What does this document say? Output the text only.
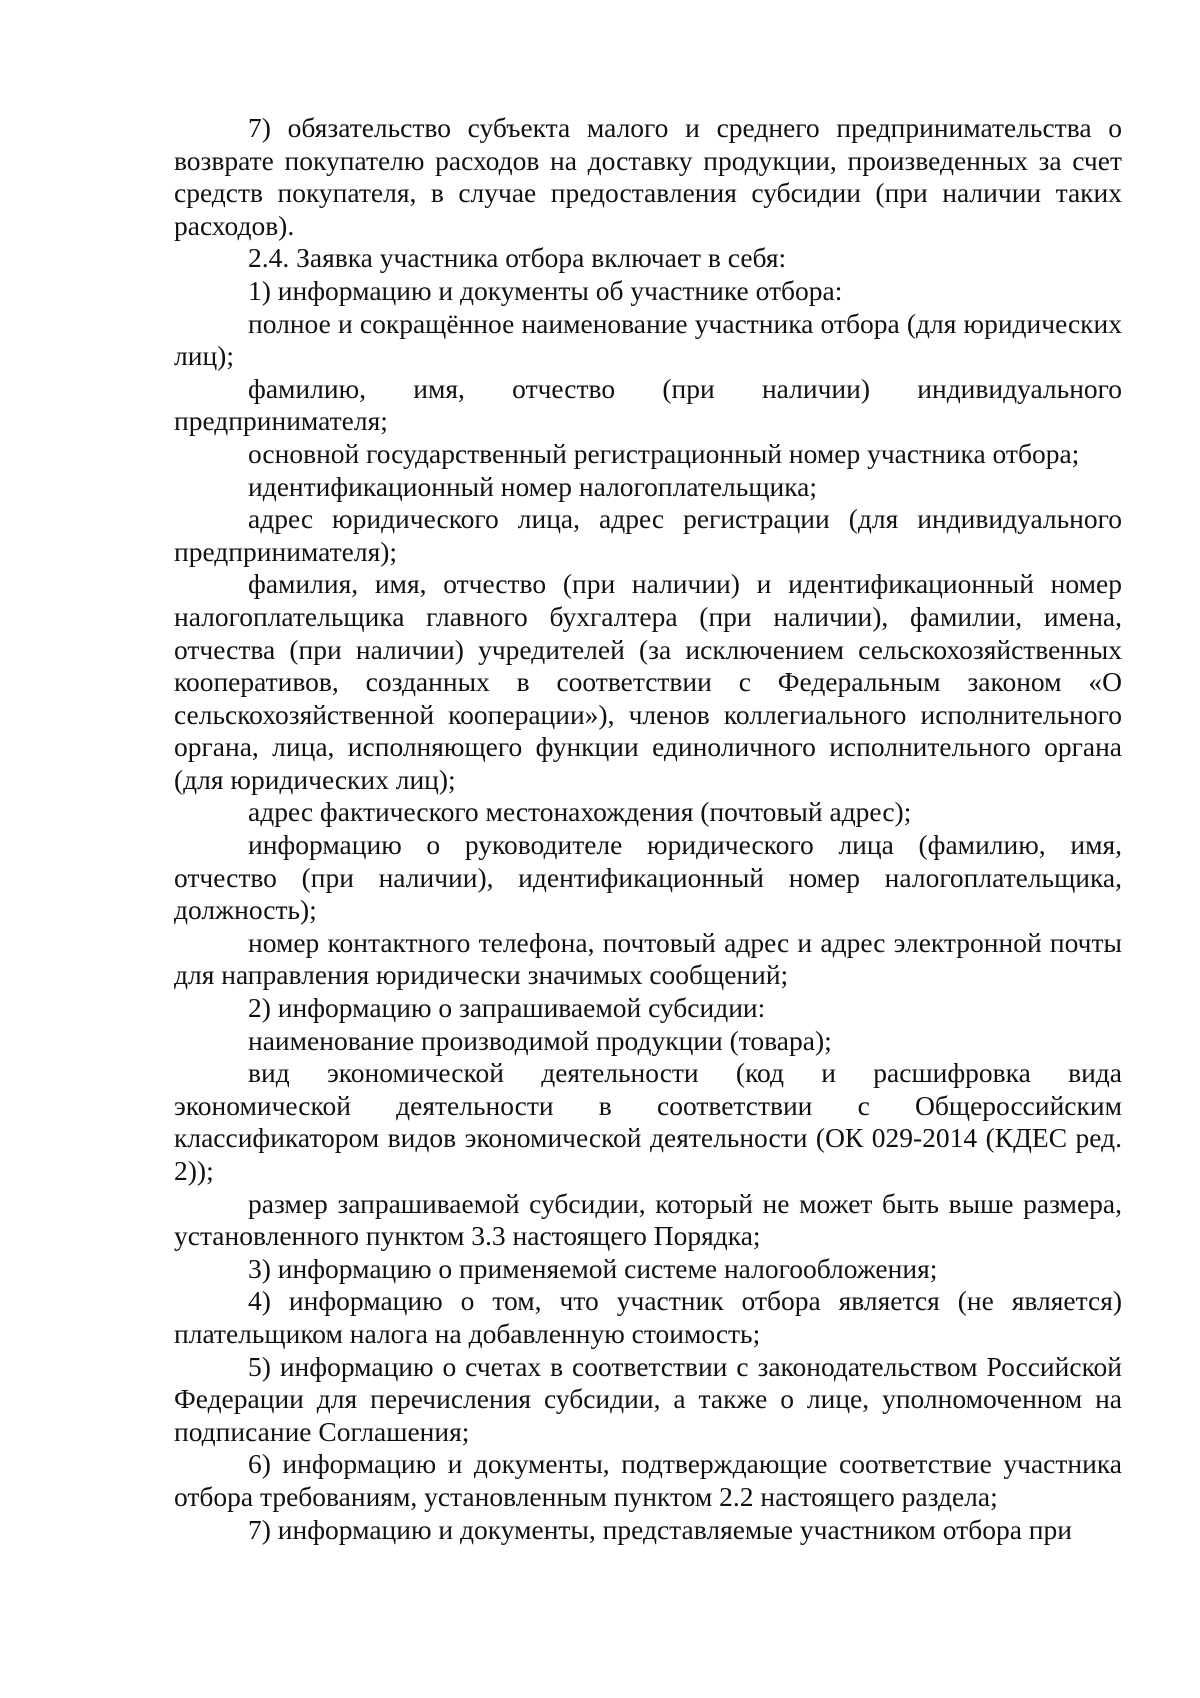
7) обязательство субъекта малого и среднего предпринимательства о возврате покупателю расходов на доставку продукции, произведенных за счет средств покупателя, в случае предоставления субсидии (при наличии таких расходов).

2.4. Заявка участника отбора включает в себя:

1) информацию и документы об участнике отбора:

полное и сокращённое наименование участника отбора (для юридических лиц);

фамилию, имя, отчество (при наличии) индивидуального предпринимателя;

основной государственный регистрационный номер участника отбора;

идентификационный номер налогоплательщика;

адрес юридического лица, адрес регистрации (для индивидуального предпринимателя);

фамилия, имя, отчество (при наличии) и идентификационный номер налогоплательщика главного бухгалтера (при наличии), фамилии, имена, отчества (при наличии) учредителей (за исключением сельскохозяйственных кооперативов, созданных в соответствии с Федеральным законом «О сельскохозяйственной кооперации»), членов коллегиального исполнительного органа, лица, исполняющего функции единоличного исполнительного органа (для юридических лиц);

адрес фактического местонахождения (почтовый адрес);

информацию о руководителе юридического лица (фамилию, имя, отчество (при наличии), идентификационный номер налогоплательщика, должность);

номер контактного телефона, почтовый адрес и адрес электронной почты для направления юридически значимых сообщений;

2) информацию о запрашиваемой субсидии:

наименование производимой продукции (товара);

вид экономической деятельности (код и расшифровка вида экономической деятельности в соответствии с Общероссийским классификатором видов экономической деятельности (ОК 029-2014 (КДЕС ред. 2));

размер запрашиваемой субсидии, который не может быть выше размера, установленного пунктом 3.3 настоящего Порядка;

3) информацию о применяемой системе налогообложения;

4) информацию о том, что участник отбора является (не является) плательщиком налога на добавленную стоимость;

5) информацию о счетах в соответствии с законодательством Российской Федерации для перечисления субсидии, а также о лице, уполномоченном на подписание Соглашения;

6) информацию и документы, подтверждающие соответствие участника отбора требованиям, установленным пунктом 2.2 настоящего раздела;

7) информацию и документы, представляемые участником отбора при
